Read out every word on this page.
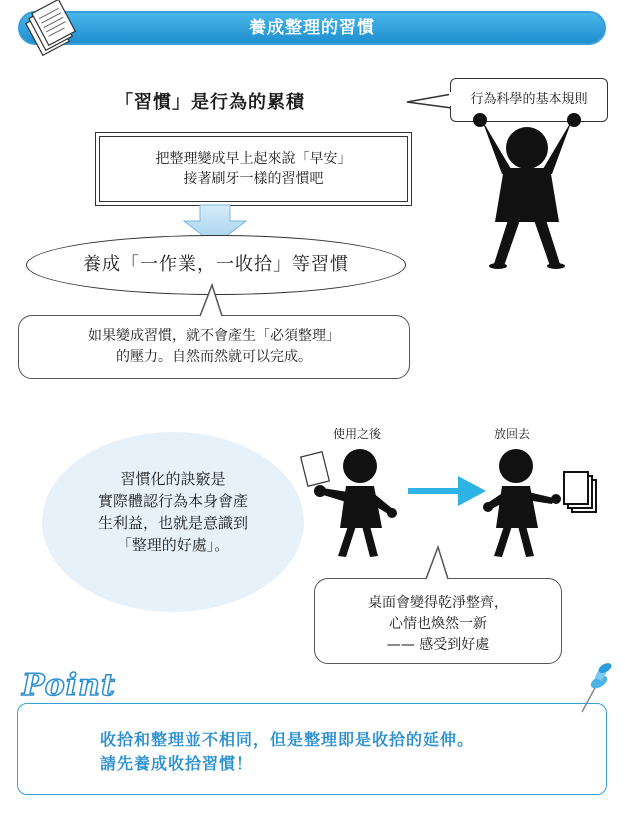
養成整理的習慣
「習慣」是行為的累積	行為科學的基本規則
把整理變成早上起來說「早安」
接著刷牙一樣的習慣吧
養成「一作業，一收拾」等習慣
如果變成習慣，就不會產生「必須整理」
的壓力。自然而然就可以完成。
習慣化的訣竅是
實際體認行為本身會產
生利益，也就是意識到
「整理的好處」。
使用之後	放回去
桌面會變得乾淨整齊，
心情也煥然一新
—— 感受到好處
Point
收拾和整理並不相同，但是整理即是收拾的延伸。
請先養成收拾習慣！
